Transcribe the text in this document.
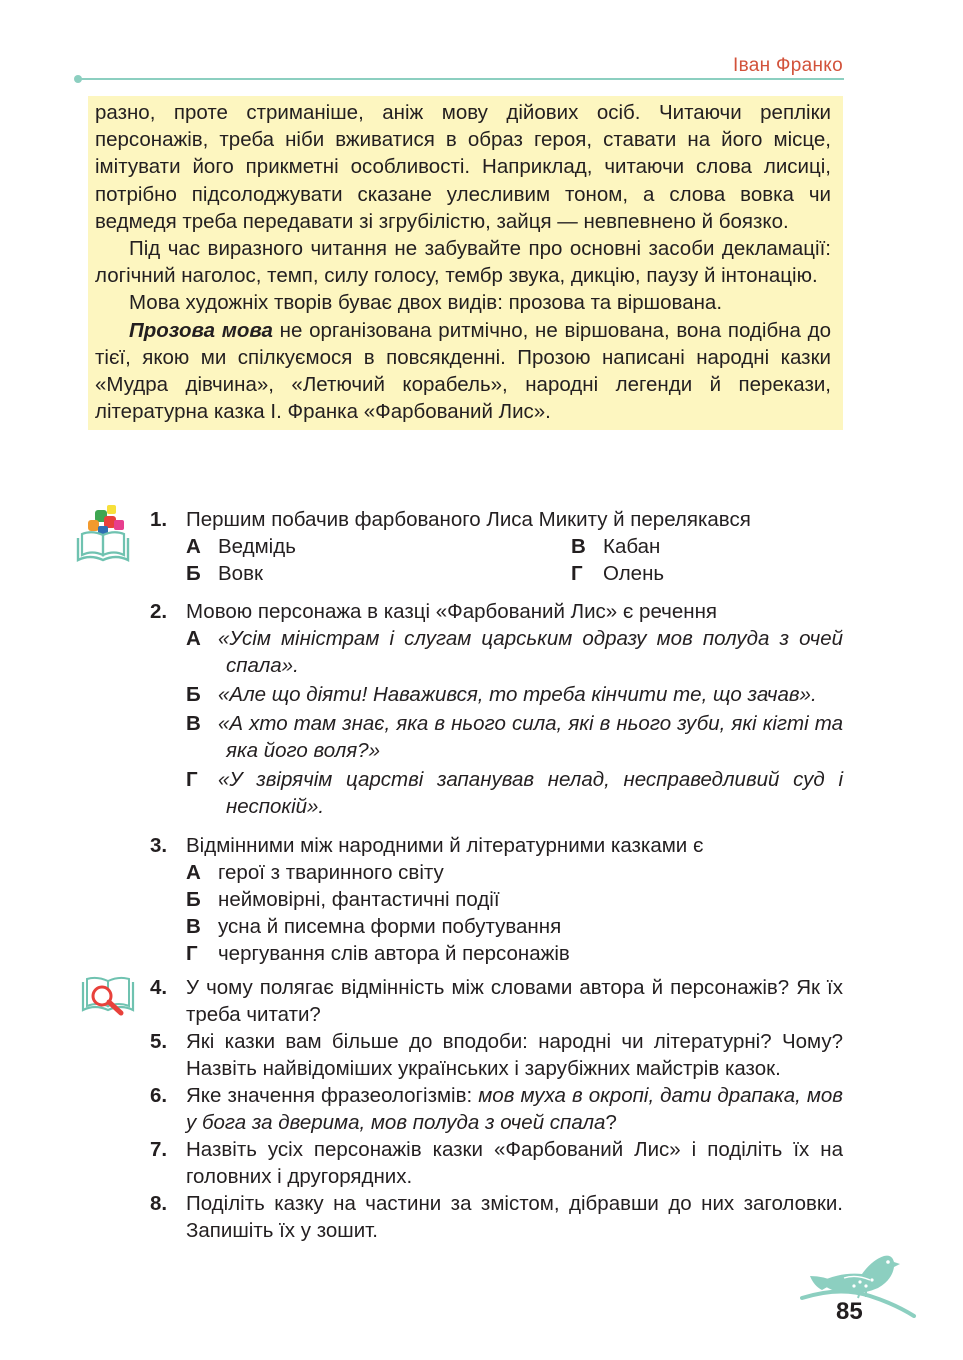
Іван Франко

разно, проте стриманіше, аніж мову дійових осіб. Читаючи репліки персонажів, треба ніби вживатися в образ героя, ставати на його місце, імітувати його прикметні особливості. Наприклад, читаючи слова лисиці, потрібно підсолоджувати сказане улесливим тоном, а слова вовка чи ведмедя треба передавати зі згрубілістю, зайця — невпевнено й боязко.

Під час виразного читання не забувайте про основні засоби декламації: логічний наголос, темп, силу голосу, тембр звука, дикцію, паузу й інтонацію.

Мова художніх творів буває двох видів: прозова та віршована.

Прозова мова не організована ритмічно, не віршована, вона подібна до тієї, якою ми спілкуємося в повсякденні. Прозою написані народні казки «Мудра дівчина», «Летючий корабель», народні легенди й перекази, літературна казка І. Франка «Фарбований Лис».

1. Першим побачив фарбованого Лиса Микиту й перелякався
А Ведмідь	В Кабан
Б Вовк	Г Олень
2. Мовою персонажа в казці «Фарбований Лис» є речення
А «Усім міністрам і слугам царським одразу мов полуда з очей спала».
Б «Але що діяти! Наважився, то треба кінчити те, що зачав».
В «А хто там знає, яка в нього сила, які в нього зуби, які кігті та яка його воля?»
Г «У звірячім царстві запанував нелад, несправедливий суд і неспокій».
3. Відмінними між народними й літературними казками є
А герої з тваринного світу
Б неймовірні, фантастичні події
В усна й писемна форми побутування
Г чергування слів автора й персонажів
4. У чому полягає відмінність між словами автора й персонажів? Як їх треба читати?
5. Які казки вам більше до вподоби: народні чи літературні? Чому? Назвіть найвідоміших українських і зарубіжних майстрів казок.
6. Яке значення фразеологізмів: мов муха в окропі, дати драпака, мов у бога за дверима, мов полуда з очей спала?
7. Назвіть усіх персонажів казки «Фарбований Лис» і поділіть їх на головних і другорядних.
8. Поділіть казку на частини за змістом, дібравши до них заголовки. Запишіть їх у зошит.
85
